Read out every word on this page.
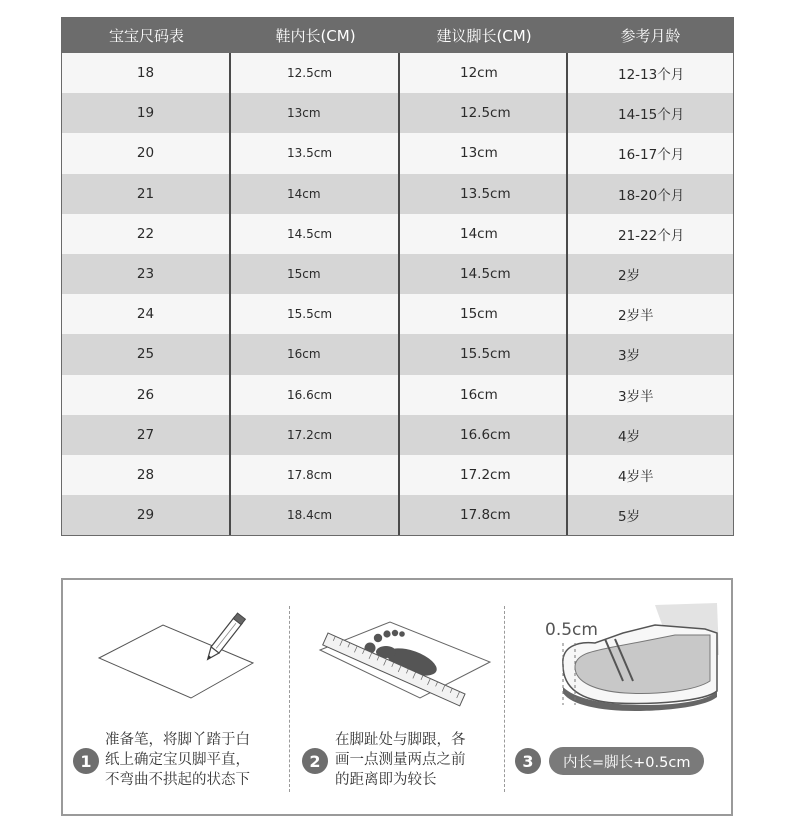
宝宝尺码表	鞋内长(CM)	建议脚长(CM)	参考月龄
18	12.5cm	12cm	12-13个月
19	13cm	12.5cm	14-15个月
20	13.5cm	13cm	16-17个月
21	14cm	13.5cm	18-20个月
22	14.5cm	14cm	21-22个月
23	15cm	14.5cm	2岁
24	15.5cm	15cm	2岁半
25	16cm	15.5cm	3岁
26	16.6cm	16cm	3岁半
27	17.2cm	16.6cm	4岁
28	17.8cm	17.2cm	4岁半
29	18.4cm	17.8cm	5岁
1
准备笔，将脚丫踏于白
纸上确定宝贝脚平直，
不弯曲不拱起的状态下
2
在脚趾处与脚跟，各
画一点测量两点之前
的距离即为较长
0.5cm
3	内长=脚长+0.5cm
